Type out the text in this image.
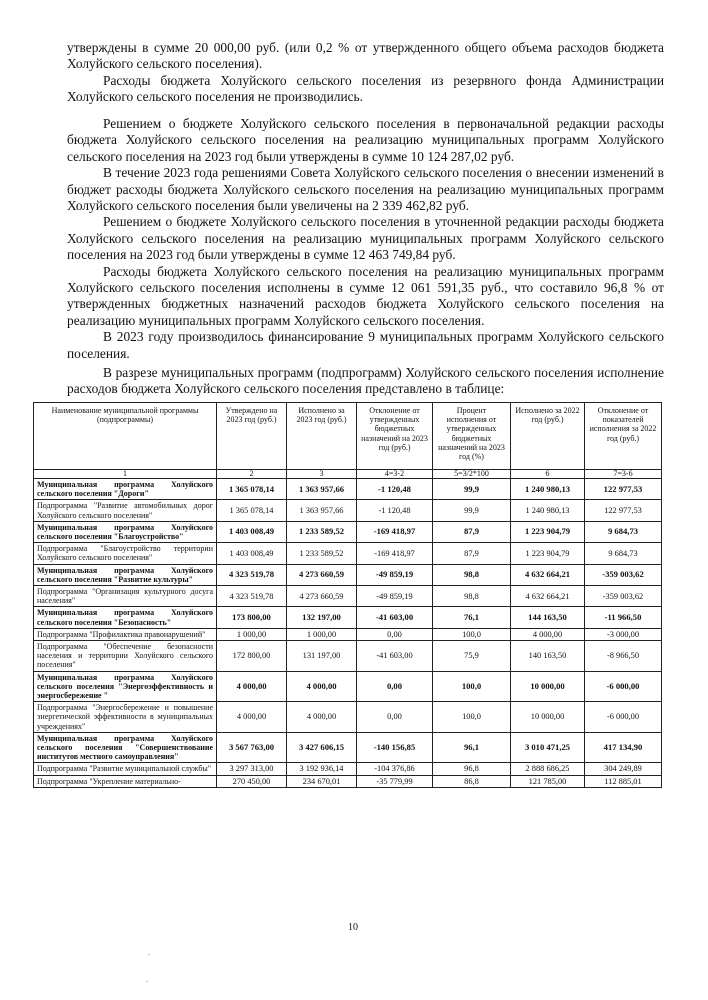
утверждены в сумме 20 000,00 руб. (или 0,2 % от утвержденного общего объема расходов бюджета Холуйского сельского поселения).

Расходы бюджета Холуйского сельского поселения из резервного фонда Администрации Холуйского сельского поселения не производились.

Решением о бюджете Холуйского сельского поселения в первоначальной редакции расходы бюджета Холуйского сельского поселения на реализацию муниципальных программ Холуйского сельского поселения на 2023 год были утверждены в сумме 10 124 287,02 руб.

В течение 2023 года решениями Совета Холуйского сельского поселения о внесении изменений в бюджет расходы бюджета Холуйского сельского поселения на реализацию муниципальных программ Холуйского сельского поселения были увеличены на 2 339 462,82 руб.

Решением о бюджете Холуйского сельского поселения в уточненной редакции расходы бюджета Холуйского сельского поселения на реализацию муниципальных программ Холуйского сельского поселения на 2023 год были утверждены в сумме 12 463 749,84 руб.

Расходы бюджета Холуйского сельского поселения на реализацию муниципальных программ Холуйского сельского поселения исполнены в сумме 12 061 591,35 руб., что составило 96,8 % от утвержденных бюджетных назначений расходов бюджета Холуйского сельского поселения на реализацию муниципальных программ Холуйского сельского поселения.

В 2023 году производилось финансирование 9 муниципальных программ Холуйского сельского поселения.

В разрезе муниципальных программ (подпрограмм) Холуйского сельского поселения исполнение расходов бюджета Холуйского сельского поселения представлено в таблице:

Наименование муниципальной программы (подпрограммы)	Утверждено на 2023 год (руб.)	Исполнено за 2023 год (руб.)	Отклонение от утвержденных бюджетных назначений на 2023 год (руб.)	Процент исполнения от утвержденных бюджетных назначений на 2023 год (%)	Исполнено за 2022 год (руб.)	Отклонение от показателей исполнения за 2022 год (руб.)
1	2	3	4=3-2	5=3/2*100	6	7=3-6
Муниципальная программа Холуйского сельского поселения "Дороги"	1 365 078,14	1 363 957,66	-1 120,48	99,9	1 240 980,13	122 977,53
Подпрограмма "Развитие автомобильных дорог Холуйского сельского поселения"	1 365 078,14	1 363 957,66	-1 120,48	99,9	1 240 980,13	122 977,53
Муниципальная программа Холуйского сельского поселения "Благоустройство"	1 403 008,49	1 233 589,52	-169 418,97	87,9	1 223 904,79	9 684,73
Подпрограмма "Благоустройство территории Холуйского сельского поселения"	1 403 008,49	1 233 589,52	-169 418,97	87,9	1 223 904,79	9 684,73
Муниципальная программа Холуйского сельского поселения "Развитие культуры"	4 323 519,78	4 273 660,59	-49 859,19	98,8	4 632 664,21	-359 003,62
Подпрограмма "Организация культурного досуга населения"	4 323 519,78	4 273 660,59	-49 859,19	98,8	4 632 664,21	-359 003,62
Муниципальная программа Холуйского сельского поселения "Безопасность"	173 800,00	132 197,00	-41 603,00	76,1	144 163,50	-11 966,50
Подпрограмма "Профилактика правонарушений"	1 000,00	1 000,00	0,00	100,0	4 000,00	-3 000,00
Подпрограмма "Обеспечение безопасности населения и территории Холуйского сельского поселения"	172 800,00	131 197,00	-41 603,00	75,9	140 163,50	-8 966,50
Муниципальная программа Холуйского сельского поселения "Энергоэффективность и энергосбережение "	4 000,00	4 000,00	0,00	100,0	10 000,00	-6 000,00
Подпрограмма "Энергосбережение и повышение энергетической эффективности в муниципальных учреждениях"	4 000,00	4 000,00	0,00	100,0	10 000,00	-6 000,00
Муниципальная программа Холуйского сельского поселения "Совершенствование институтов местного самоуправления"	3 567 763,00	3 427 606,15	-140 156,85	96,1	3 010 471,25	417 134,90
Подпрограмма "Развитие муниципальной службы"	3 297 313,00	3 192 936,14	-104 376,86	96,8	2 888 686,25	304 249,89
Подпрограмма "Укрепление материально-	270 450,00	234 670,01	-35 779,99	86,8	121 785,00	112 885,01
10
.
.
